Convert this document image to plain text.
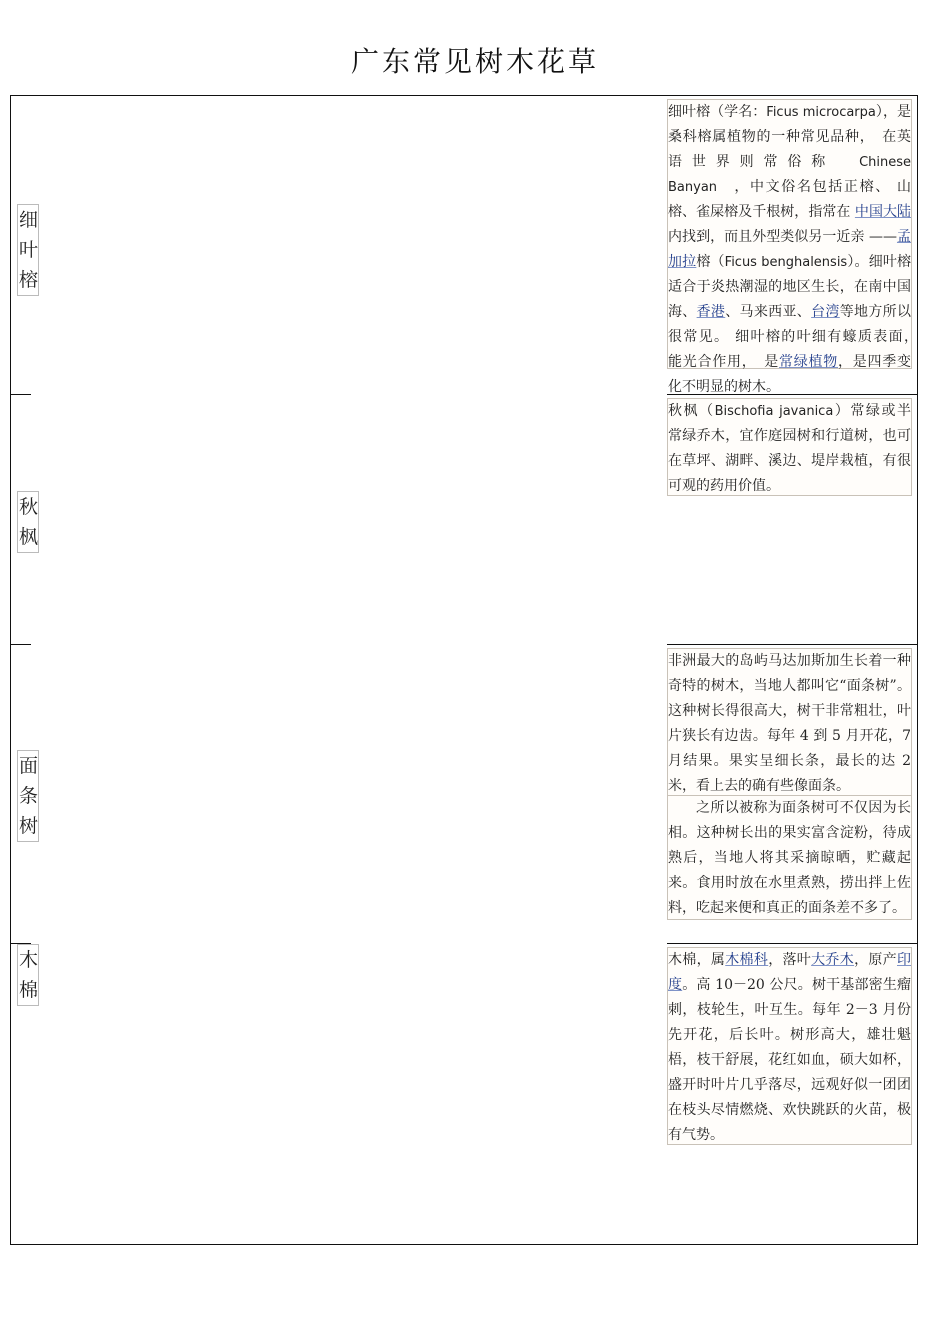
广东常见树木花草
细
叶
榕

细叶榕（学名：Ficus microcarpa），是桑科榕属植物的一种常见品种，　在英语世界则常俗称　Chinese Banyan　，中文俗名包括正榕、 山榕、雀屎榕及千根树，指常在 中国大陆 内找到，而且外型类似另一近亲 ——孟加拉榕（Ficus benghalensis）。细叶榕适合于炎热潮湿的地区生长，在南中国海、香港、马来西亚、台湾等地方所以很常见。 细叶榕的叶细有蠔质表面，　能光合作用，　是常绿植物，是四季变化不明显的树木。

秋
枫

秋枫（Bischofia javanica）常绿或半常绿乔木，宜作庭园树和行道树，也可在草坪、湖畔、溪边、堤岸栽植，有很可观的药用价值。

面
条
树

非洲最大的岛屿马达加斯加生长着一种奇特的树木，当地人都叫它“面条树”。这种树长得很高大，树干非常粗壮，叶片狭长有边齿。每年 4 到 5 月开花，7 月结果。果实呈细长条，最长的达 2 米，看上去的确有些像面条。

之所以被称为面条树可不仅因为长相。这种树长出的果实富含淀粉，待成熟后，当地人将其采摘晾晒，贮藏起来。食用时放在水里煮熟，捞出拌上佐料，吃起来便和真正的面条差不多了。

木
棉

木棉，属木棉科，落叶大乔木，原产印度。高 10－20 公尺。树干基部密生瘤刺，枝轮生，叶互生。每年 2－3 月份先开花，后长叶。树形高大，雄壮魁梧，枝干舒展，花红如血，硕大如杯，盛开时叶片几乎落尽，远观好似一团团在枝头尽情燃烧、欢快跳跃的火苗，极有气势。
